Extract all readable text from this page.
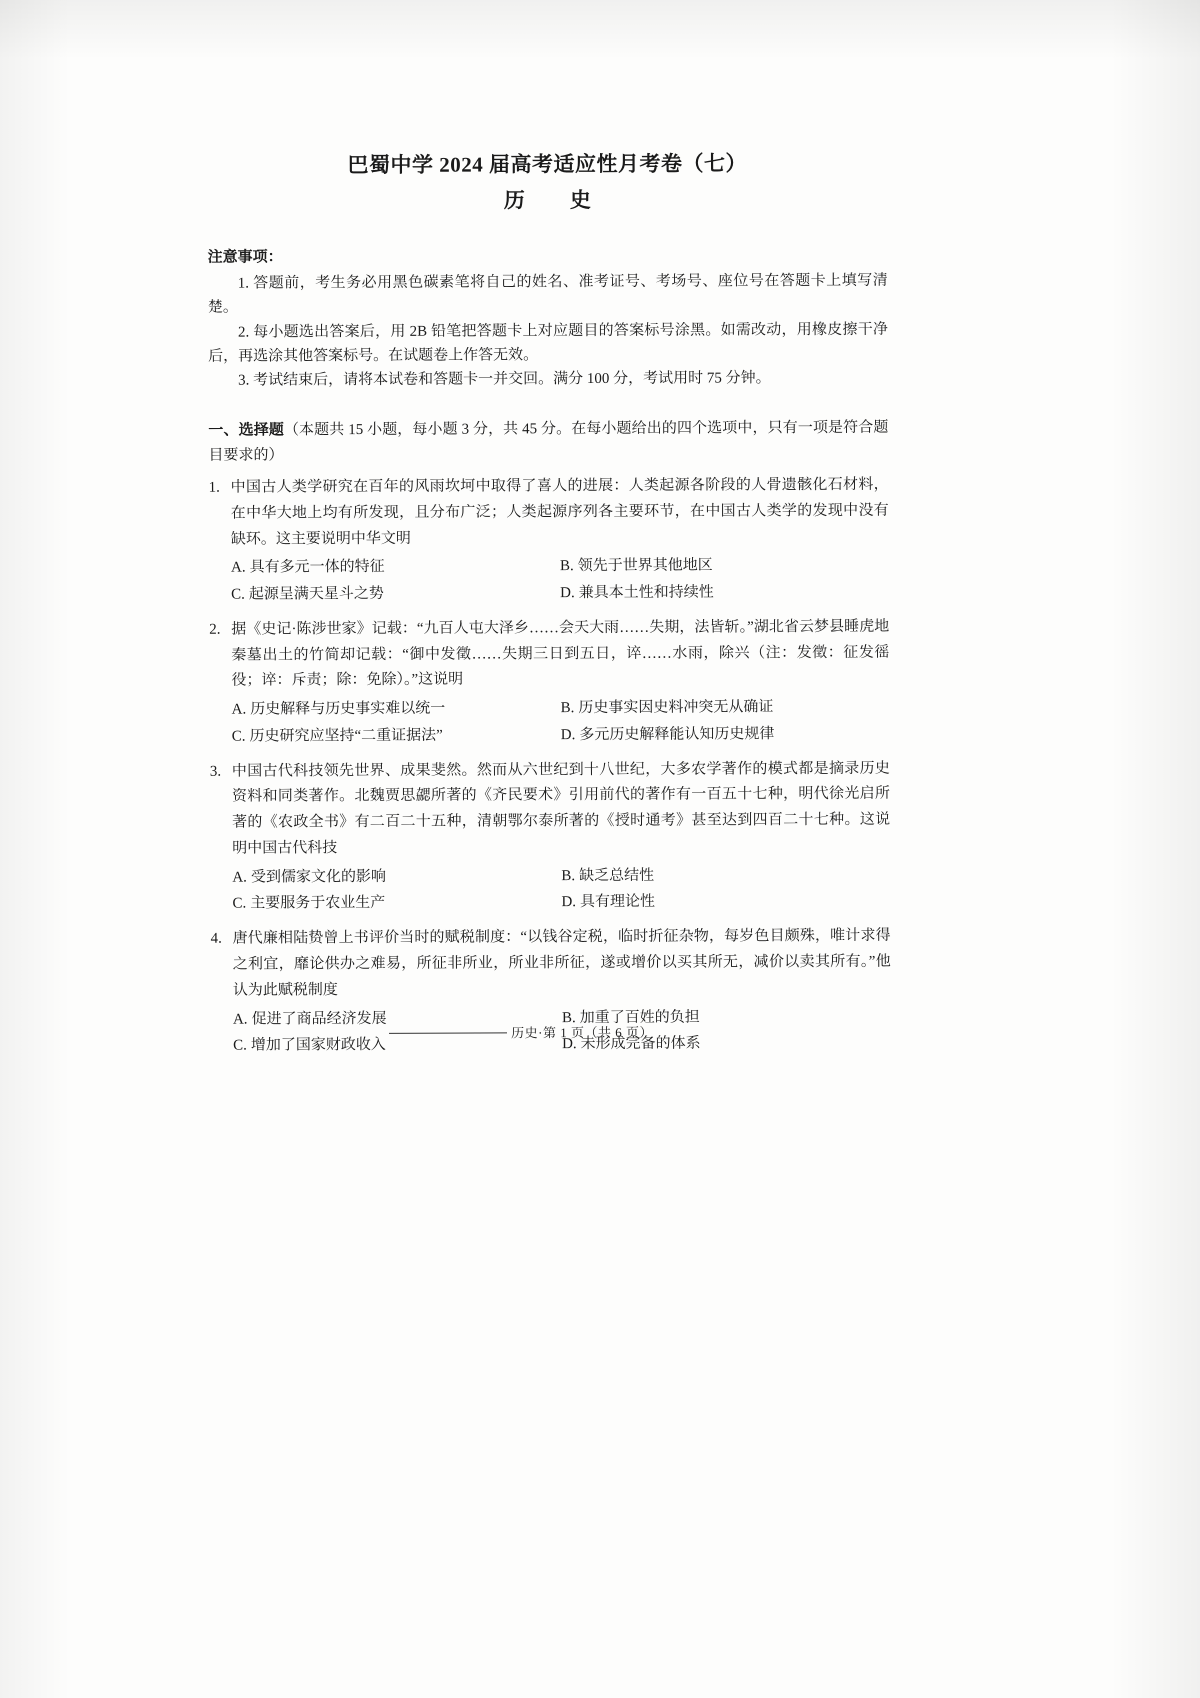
巴蜀中学 2024 届高考适应性月考卷（七）
历　史
注意事项：

1. 答题前，考生务必用黑色碳素笔将自己的姓名、准考证号、考场号、座位号在答题卡上填写清楚。

2. 每小题选出答案后，用 2B 铅笔把答题卡上对应题目的答案标号涂黑。如需改动，用橡皮擦干净后，再选涂其他答案标号。在试题卷上作答无效。

3. 考试结束后，请将本试卷和答题卡一并交回。满分 100 分，考试用时 75 分钟。

一、选择题（本题共 15 小题，每小题 3 分，共 45 分。在每小题给出的四个选项中，只有一项是符合题目要求的）
1. 中国古人类学研究在百年的风雨坎坷中取得了喜人的进展：人类起源各阶段的人骨遗骸化石材料，在中华大地上均有所发现，且分布广泛；人类起源序列各主要环节，在中国古人类学的发现中没有缺环。这主要说明中华文明
A. 具有多元一体的特征	B. 领先于世界其他地区
C. 起源呈满天星斗之势	D. 兼具本土性和持续性
2. 据《史记·陈涉世家》记载：“九百人屯大泽乡……会天大雨……失期，法皆斩。”湖北省云梦县睡虎地秦墓出土的竹简却记载：“御中发徵……失期三日到五日，谇……水雨，除兴（注：发徵：征发徭役；谇：斥责；除：免除）。”这说明
A. 历史解释与历史事实难以统一	B. 历史事实因史料冲突无从确证
C. 历史研究应坚持“二重证据法”	D. 多元历史解释能认知历史规律
3. 中国古代科技领先世界、成果斐然。然而从六世纪到十八世纪，大多农学著作的模式都是摘录历史资料和同类著作。北魏贾思勰所著的《齐民要术》引用前代的著作有一百五十七种，明代徐光启所著的《农政全书》有二百二十五种，清朝鄂尔泰所著的《授时通考》甚至达到四百二十七种。这说明中国古代科技
A. 受到儒家文化的影响	B. 缺乏总结性
C. 主要服务于农业生产	D. 具有理论性
4. 唐代廉相陆贽曾上书评价当时的赋税制度：“以钱谷定税，临时折征杂物，每岁色目颇殊，唯计求得之利宜，靡论供办之难易，所征非所业，所业非所征，遂或增价以买其所无，减价以卖其所有。”他认为此赋税制度
A. 促进了商品经济发展	B. 加重了百姓的负担
C. 增加了国家财政收入	D. 未形成完备的体系
历史·第 1 页（共 6 页）
